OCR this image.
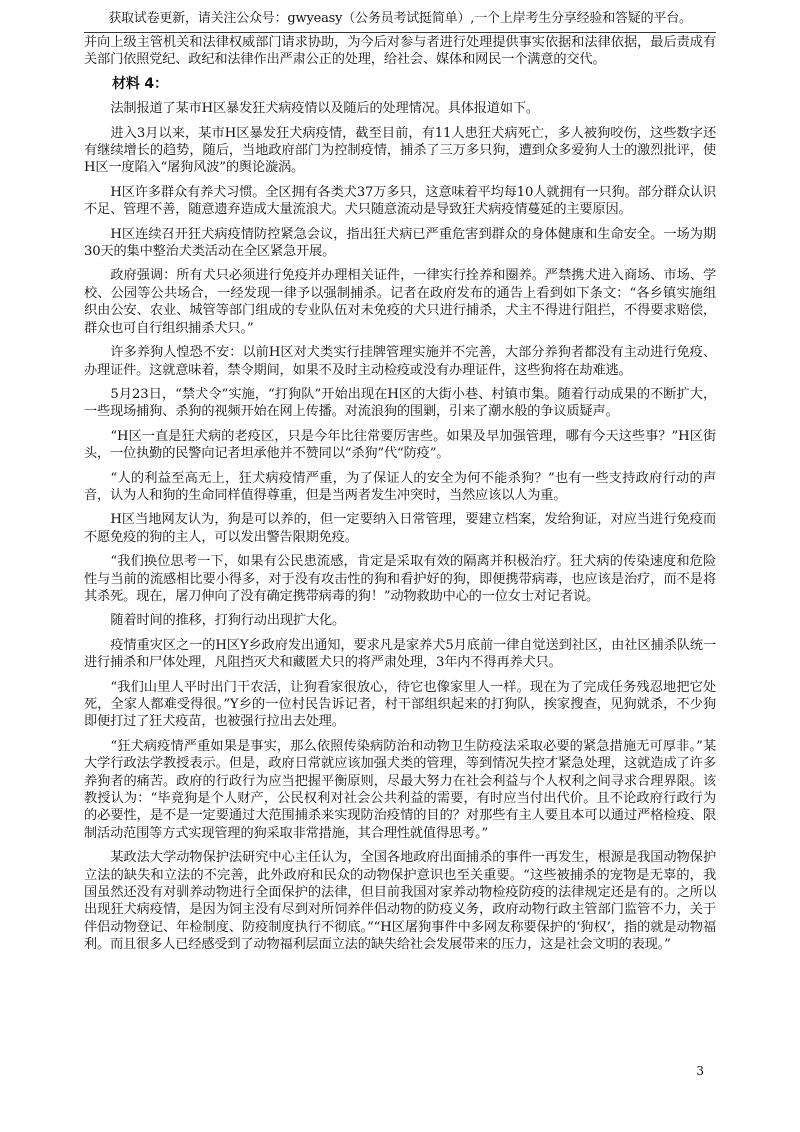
获取试卷更新，请关注公众号：gwyeasy（公务员考试挺简单）,一个上岸考生分享经验和答疑的平台。

并向上级主管机关和法律权威部门请求协助，为今后对参与者进行处理提供事实依据和法律依据，最后责成有关部门依照党纪、政纪和法律作出严肃公正的处理，给社会、媒体和网民一个满意的交代。

材料 4：

法制报道了某市H区暴发狂犬病疫情以及随后的处理情况。具体报道如下。

进入3月以来，某市H区暴发狂犬病疫情，截至目前，有11人患狂犬病死亡，多人被狗咬伤，这些数字还有继续增长的趋势，随后，当地政府部门为控制疫情，捕杀了三万多只狗，遭到众多爱狗人士的激烈批评，使H区一度陷入“屠狗风波”的舆论漩涡。

H区许多群众有养犬习惯。全区拥有各类犬37万多只，这意味着平均每10人就拥有一只狗。部分群众认识不足、管理不善，随意遗弃造成大量流浪犬。犬只随意流动是导致狂犬病疫情蔓延的主要原因。

H区连续召开狂犬病疫情防控紧急会议，指出狂犬病已严重危害到群众的身体健康和生命安全。一场为期30天的集中整治犬类活动在全区紧急开展。

政府强调：所有犬只必须进行免疫并办理相关证件，一律实行拴养和圈养。严禁携犬进入商场、市场、学校、公园等公共场合，一经发现一律予以强制捕杀。记者在政府发布的通告上看到如下条文：“各乡镇实施组织由公安、农业、城管等部门组成的专业队伍对未免疫的犬只进行捕杀，犬主不得进行阻拦，不得要求赔偿，群众也可自行组织捕杀犬只。”

许多养狗人惶恐不安：以前H区对犬类实行挂牌管理实施并不完善，大部分养狗者都没有主动进行免疫、办理证件。这就意味着，禁令期间，如果不及时主动检疫或没有办理证件，这些狗将在劫难逃。

5月23日，“禁犬令”实施，“打狗队”开始出现在H区的大街小巷、村镇市集。随着行动成果的不断扩大，一些现场捕狗、杀狗的视频开始在网上传播。对流浪狗的围剿，引来了潮水般的争议质疑声。

“H区一直是狂犬病的老疫区，只是今年比往常要厉害些。如果及早加强管理，哪有今天这些事？”H区街头，一位执勤的民警向记者坦承他并不赞同以“杀狗”代“防疫”。

“人的利益至高无上，狂犬病疫情严重，为了保证人的安全为何不能杀狗？”也有一些支持政府行动的声音，认为人和狗的生命同样值得尊重，但是当两者发生冲突时，当然应该以人为重。

H区当地网友认为，狗是可以养的，但一定要纳入日常管理，要建立档案，发给狗证，对应当进行免疫而不愿免疫的狗的主人，可以发出警告限期免疫。

“我们换位思考一下，如果有公民患流感，肯定是采取有效的隔离并积极治疗。狂犬病的传染速度和危险性与当前的流感相比要小得多，对于没有攻击性的狗和看护好的狗，即便携带病毒，也应该是治疗，而不是将其杀死。现在，屠刀伸向了没有确定携带病毒的狗！”动物救助中心的一位女士对记者说。

随着时间的推移，打狗行动出现扩大化。

疫情重灾区之一的H区Y乡政府发出通知，要求凡是家养犬5月底前一律自觉送到社区，由社区捕杀队统一进行捕杀和尸体处理，凡阻挡灭犬和藏匿犬只的将严肃处理，3年内不得再养犬只。

“我们山里人平时出门干农活，让狗看家很放心，待它也像家里人一样。现在为了完成任务残忍地把它处死，全家人都难受得很。”Y乡的一位村民告诉记者，村干部组织起来的打狗队，挨家搜查，见狗就杀，不少狗即便打过了狂犬疫苗，也被强行拉出去处理。

“狂犬病疫情严重如果是事实，那么依照传染病防治和动物卫生防疫法采取必要的紧急措施无可厚非。”某大学行政法学教授表示。但是，政府日常就应该加强犬类的管理，等到情况失控才紧急处理，这就造成了许多养狗者的痛苦。政府的行政行为应当把握平衡原则，尽最大努力在社会利益与个人权利之间寻求合理界限。该教授认为：“毕竟狗是个人财产，公民权利对社会公共利益的需要，有时应当付出代价。且不论政府行政行为的必要性，是不是一定要通过大范围捕杀来实现防治疫情的目的？对那些有主人要且本可以通过严格检疫、限制活动范围等方式实现管理的狗采取非常措施，其合理性就值得思考。”

某政法大学动物保护法研究中心主任认为，全国各地政府出面捕杀的事件一再发生，根源是我国动物保护立法的缺失和立法的不完善，此外政府和民众的动物保护意识也至关重要。“这些被捕杀的宠物是无辜的，我国虽然还没有对驯养动物进行全面保护的法律，但目前我国对家养动物检疫防疫的法律规定还是有的。之所以出现狂犬病疫情，是因为饲主没有尽到对所饲养伴侣动物的防疫义务，政府动物行政主管部门监管不力，关于伴侣动物登记、年检制度、防疫制度执行不彻底。”“H区屠狗事件中多网友称要保护的‘狗权’，指的就是动物福利。而且很多人已经感受到了动物福利层面立法的缺失给社会发展带来的压力，这是社会文明的表现。”

3
